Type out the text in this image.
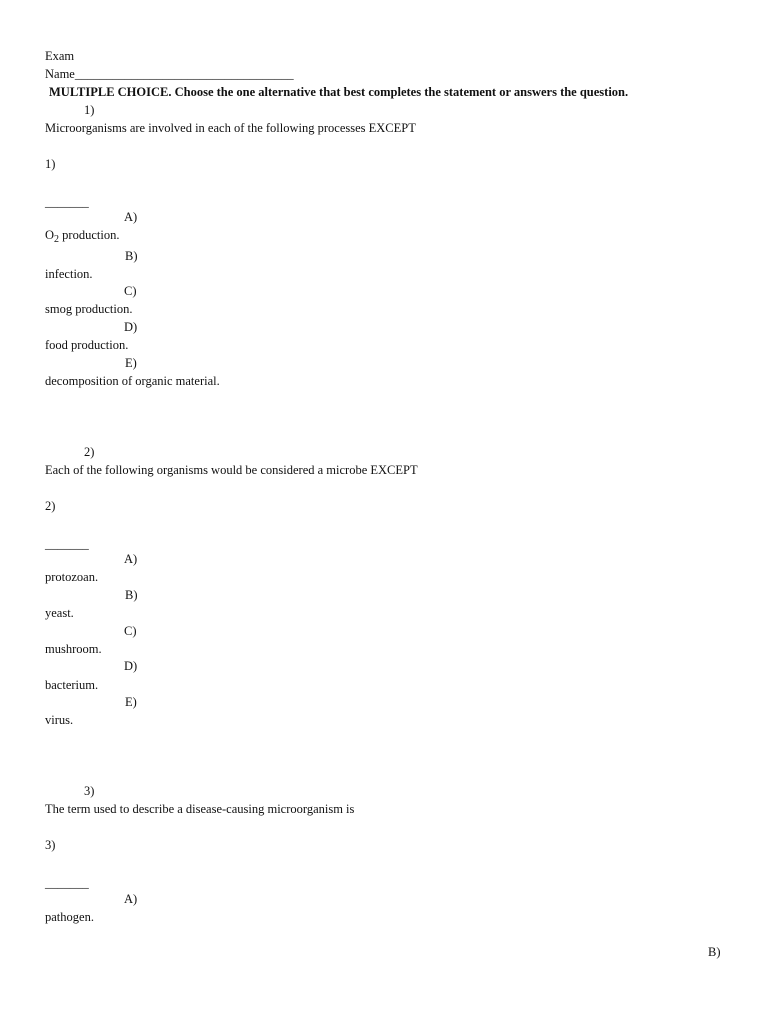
Exam
Name___________________________________
MULTIPLE CHOICE. Choose the one alternative that best completes the statement or answers the question.
1)
Microorganisms are involved in each of the following processes EXCEPT
1)
_______
A)
$O_2$ production.
B)
infection.
C)
smog production.
D)
food production.
E)
decomposition of organic material.
2)
Each of the following organisms would be considered a microbe EXCEPT
2)
_______
A)
protozoan.
B)
yeast.
C)
mushroom.
D)
bacterium.
E)
virus.
3)
The term used to describe a disease-causing microorganism is
3)
_______
A)
pathogen.
B)
